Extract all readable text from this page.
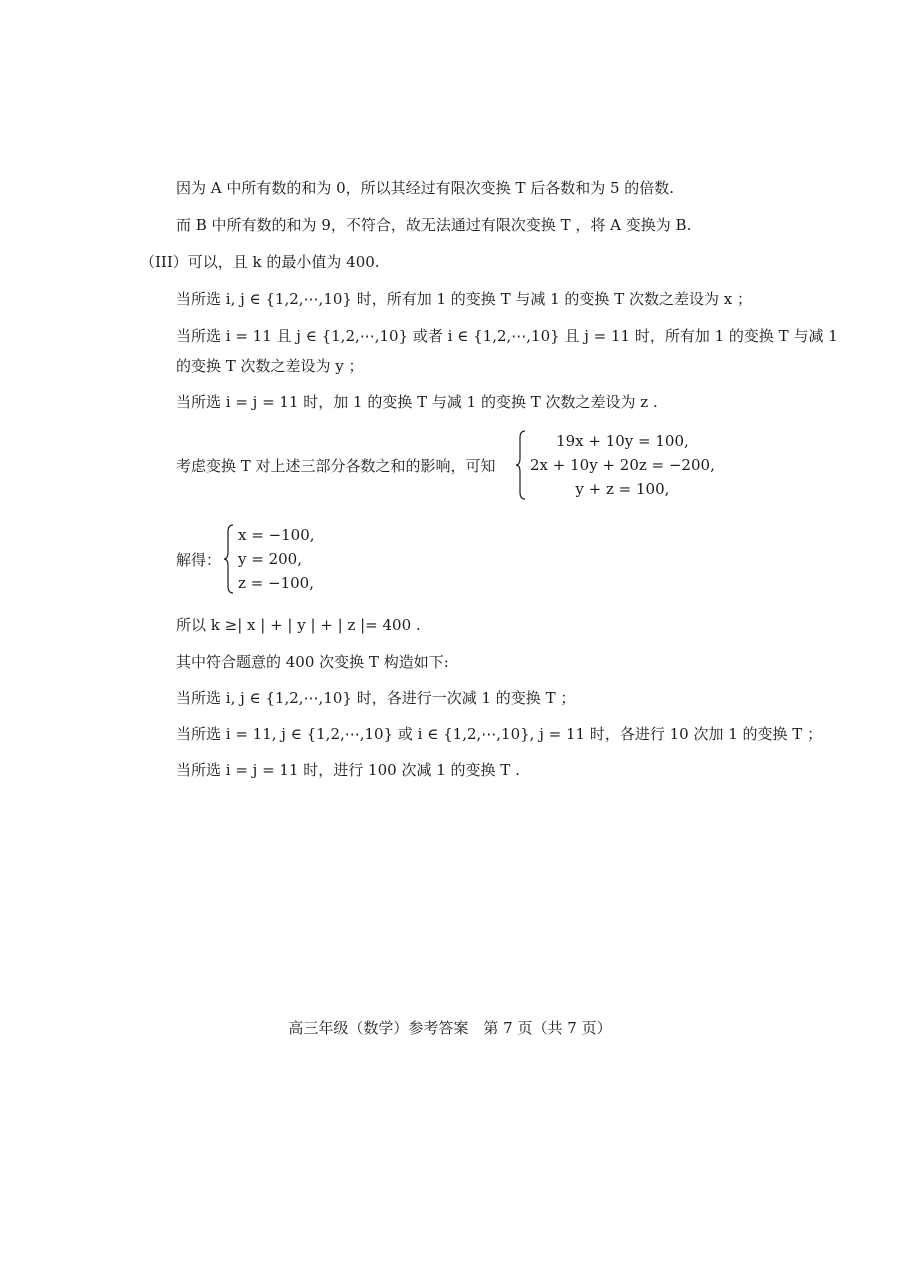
因为 A 中所有数的和为 0，所以其经过有限次变换 T 后各数和为 5 的倍数.
而 B 中所有数的和为 9，不符合，故无法通过有限次变换 T ，将 A 变换为 B.
（III）可以，且 k 的最小值为 400.
当所选 i, j ∈ {1,2,⋯,10} 时，所有加 1 的变换 T 与减 1 的变换 T 次数之差设为 x ；
当所选 i = 11 且 j ∈ {1,2,⋯,10} 或者 i ∈ {1,2,⋯,10} 且 j = 11 时，所有加 1 的变换 T 与减 1
的变换 T 次数之差设为 y ；
当所选 i = j = 11 时，加 1 的变换 T 与减 1 的变换 T 次数之差设为 z .
考虑变换 T 对上述三部分各数之和的影响，可知
19x + 10y = 100,
2x + 10y + 20z = −200,
y + z = 100,
解得：
x = −100,
y = 200,
z = −100,
所以 k ≥| x | + | y | + | z |= 400 .
其中符合题意的 400 次变换 T 构造如下:
当所选 i, j ∈ {1,2,⋯,10} 时，各进行一次减 1 的变换 T ；
当所选 i = 11, j ∈ {1,2,⋯,10} 或 i ∈ {1,2,⋯,10}, j = 11 时，各进行 10 次加 1 的变换 T ；
当所选 i = j = 11 时，进行 100 次减 1 的变换 T .
高三年级（数学）参考答案　第 7 页（共 7 页）
